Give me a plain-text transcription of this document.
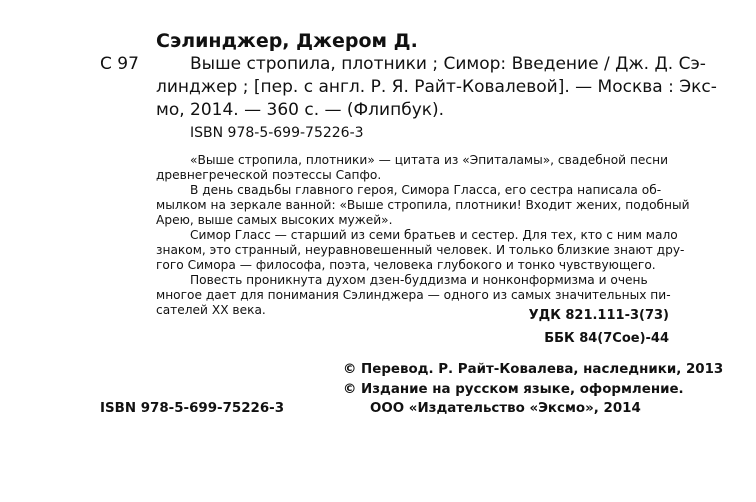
Сэлинджер, Джером Д.
С 97	Выше стропила, плотники ; Симор: Введение / Дж. Д. Сэ-
линджер ; [пер. с англ. Р. Я. Райт-Ковалевой]. — Москва : Экс-
мо, 2014. — 360 с. — (Флипбук).
ISBN 978-5-699-75226-3
«Выше стропила, плотники» — цитата из «Эпиталамы», свадебной песни
древнегреческой поэтессы Сапфо.
В день свадьбы главного героя, Симора Гласса, его сестра написала об-
мылком на зеркале ванной: «Выше стропила, плотники! Входит жених, подобный
Арею, выше самых высоких мужей».
Симор Гласс — старший из семи братьев и сестер. Для тех, кто с ним мало
знаком, это странный, неуравновешенный человек. И только близкие знают дру-
гого Симора — философа, поэта, человека глубокого и тонко чувствующего.
Повесть проникнута духом дзен-буддизма и нонконформизма и очень
многое дает для понимания Сэлинджера — одного из самых значительных пи-
сателей XX века.	УДК 821.111-3(73)
ББК 84(7Сое)-44
© Перевод. Р. Райт-Ковалева, наследники, 2013
© Издание на русском языке, оформление.
ISBN 978-5-699-75226-3	ООО «Издательство «Эксмо», 2014
